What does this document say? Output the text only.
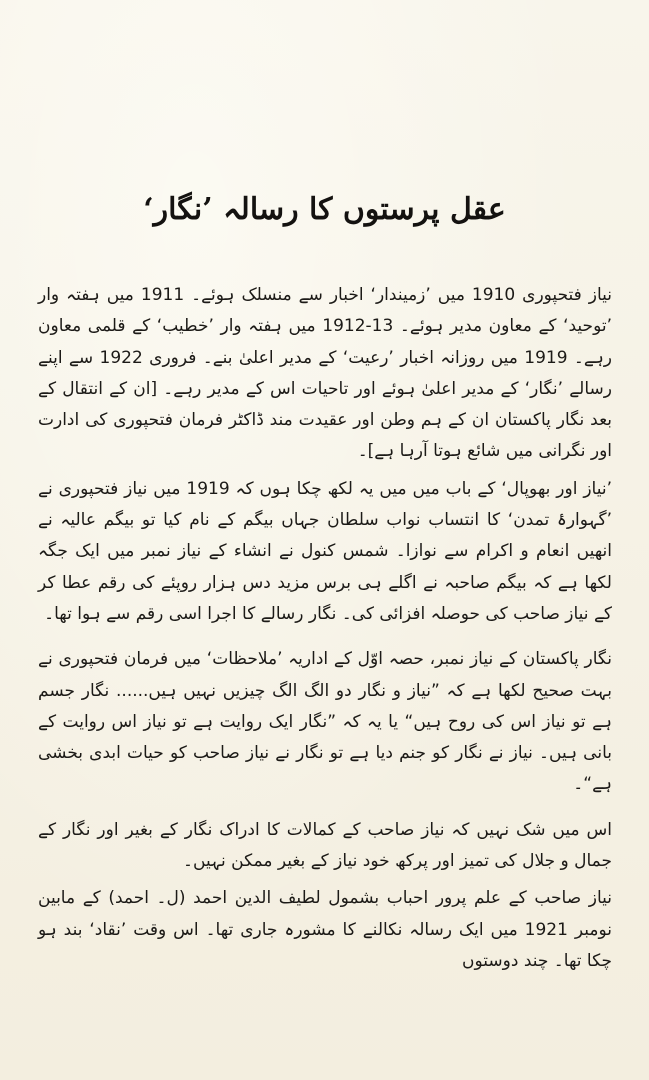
عقل پرستوں کا رسالہ ’نگار‘

نیاز فتحپوری 1910 میں ’زمیندار‘ اخبار سے منسلک ہوئے۔ 1911 میں ہفتہ وار ’توحید‘ کے معاون مدیر ہوئے۔ 13-1912 میں ہفتہ وار ’خطیب‘ کے قلمی معاون رہے۔ 1919 میں روزانہ اخبار ’رعیت‘ کے مدیر اعلیٰ بنے۔ فروری 1922 سے اپنے رسالے ’نگار‘ کے مدیر اعلیٰ ہوئے اور تاحیات اس کے مدیر رہے۔ [ان کے انتقال کے بعد نگار پاکستان ان کے ہم وطن اور عقیدت مند ڈاکٹر فرمان فتحپوری کی ادارت اور نگرانی میں شائع ہوتا آرہا ہے]۔

’نیاز اور بھوپال‘ کے باب میں میں یہ لکھ چکا ہوں کہ 1919 میں نیاز فتحپوری نے ’گہوارۂ تمدن‘ کا انتساب نواب سلطان جہاں بیگم کے نام کیا تو بیگم عالیہ نے انھیں انعام و اکرام سے نوازا۔ شمس کنول نے انشاء کے نیاز نمبر میں ایک جگہ لکھا ہے کہ بیگم صاحبہ نے اگلے ہی برس مزید دس ہزار روپئے کی رقم عطا کر کے نیاز صاحب کی حوصلہ افزائی کی۔ نگار رسالے کا اجرا اسی رقم سے ہوا تھا۔

نگار پاکستان کے نیاز نمبر، حصہ اوّل کے اداریہ ’ملاحظات‘ میں فرمان فتحپوری نے بہت صحیح لکھا ہے کہ ”نیاز و نگار دو الگ الگ چیزیں نہیں ہیں...... نگار جسم ہے تو نیاز اس کی روح ہیں“ یا یہ کہ ”نگار ایک روایت ہے تو نیاز اس روایت کے بانی ہیں۔ نیاز نے نگار کو جنم دیا ہے تو نگار نے نیاز صاحب کو حیات ابدی بخشی ہے“۔

اس میں شک نہیں کہ نیاز صاحب کے کمالات کا ادراک نگار کے بغیر اور نگار کے جمال و جلال کی تمیز اور پرکھ خود نیاز کے بغیر ممکن نہیں۔

نیاز صاحب کے علم پرور احباب بشمول لطیف الدین احمد (ل۔ احمد) کے مابین نومبر 1921 میں ایک رسالہ نکالنے کا مشورہ جاری تھا۔ اس وقت ’نقاد‘ بند ہو چکا تھا۔ چند دوستوں
